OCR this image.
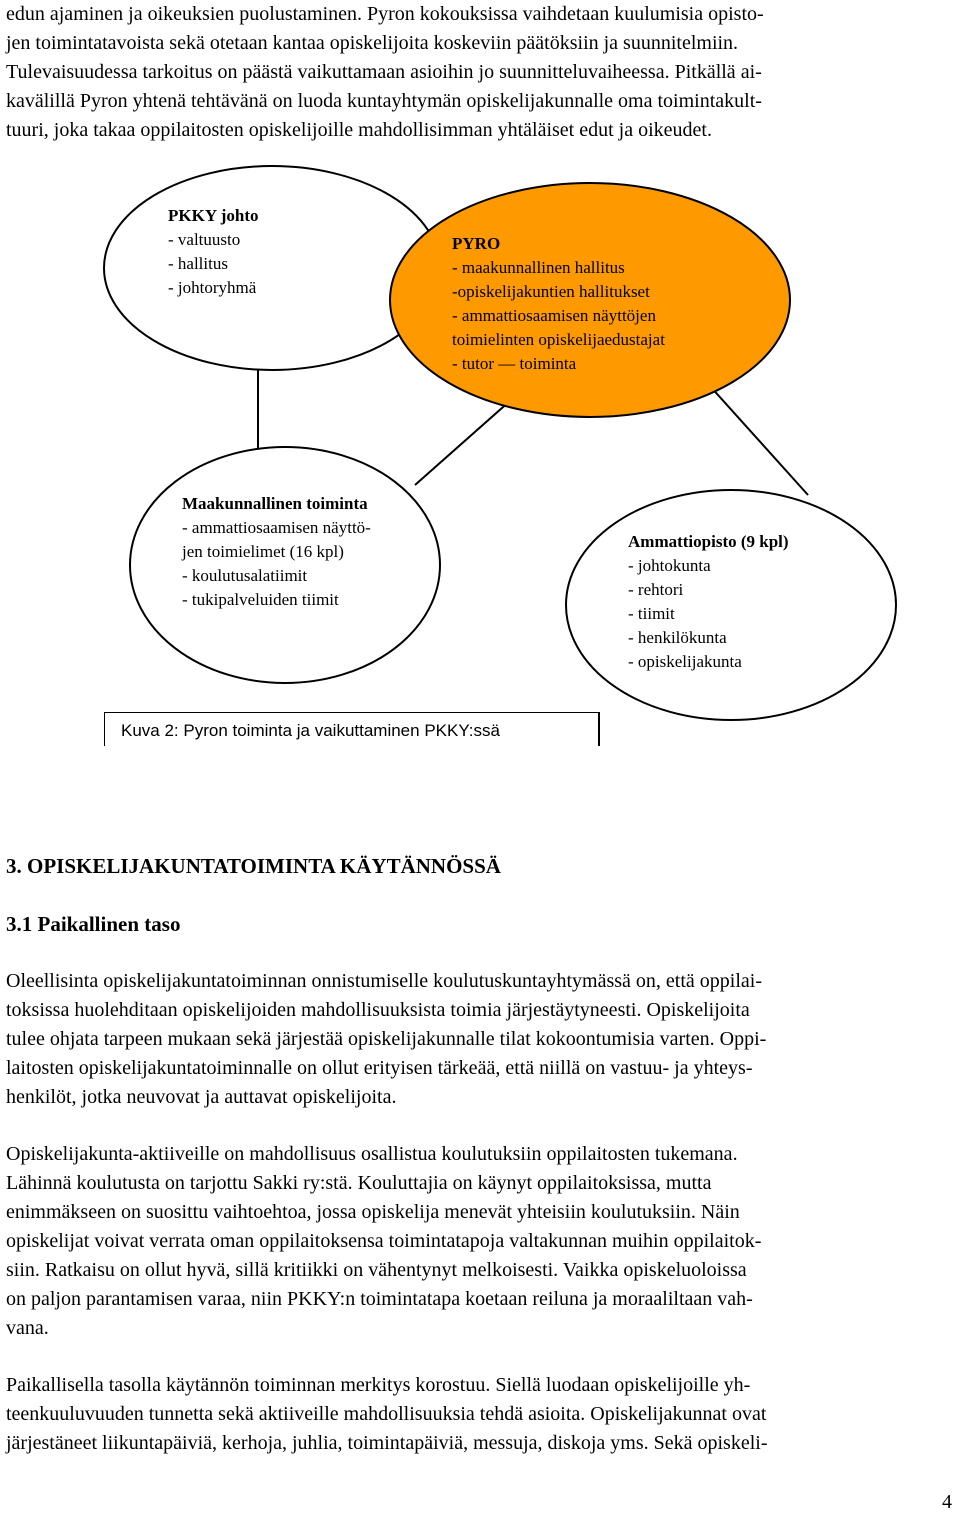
edun ajaminen ja oikeuksien puolustaminen. Pyron kokouksissa vaihdetaan kuulumisia opisto-

jen toimintatavoista sekä otetaan kantaa opiskelijoita koskeviin päätöksiin ja suunnitelmiin.

Tulevaisuudessa tarkoitus on päästä vaikuttamaan asioihin jo suunnitteluvaiheessa. Pitkällä ai-

kavälillä Pyron yhtenä tehtävänä on luoda kuntayhtymän opiskelijakunnalle oma toimintakult-

tuuri, joka takaa oppilaitosten opiskelijoille mahdollisimman yhtäläiset edut ja oikeudet.

PKKY johto
- valtuusto
- hallitus
- johtoryhmä
PYRO
- maakunnallinen hallitus
-opiskelijakuntien hallitukset
- ammattiosaamisen näyttöjen
toimielinten opiskelijaedustajat
- tutor — toiminta
Maakunnallinen toiminta
- ammattiosaamisen näyttö-
jen toimielimet (16 kpl)
- koulutusalatiimit
- tukipalveluiden tiimit
Ammattiopisto (9 kpl)
- johtokunta
- rehtori
- tiimit
- henkilökunta
- opiskelijakunta

Kuva 2: Pyron toiminta ja vaikuttaminen PKKY:ssä

3. OPISKELIJAKUNTATOIMINTA KÄYTÄNNÖSSÄ

3.1 Paikallinen taso

Oleellisinta opiskelijakuntatoiminnan onnistumiselle koulutuskuntayhtymässä on, että oppilai-

toksissa huolehditaan opiskelijoiden mahdollisuuksista toimia järjestäytyneesti. Opiskelijoita

tulee ohjata tarpeen mukaan sekä järjestää opiskelijakunnalle tilat kokoontumisia varten. Oppi-

laitosten opiskelijakuntatoiminnalle on ollut erityisen tärkeää, että niillä on vastuu- ja yhteys-

henkilöt, jotka neuvovat ja auttavat opiskelijoita.

Opiskelijakunta-aktiiveille on mahdollisuus osallistua koulutuksiin oppilaitosten tukemana.

Lähinnä koulutusta on tarjottu Sakki ry:stä. Kouluttajia on käynyt oppilaitoksissa, mutta

enimmäkseen on suosittu vaihtoehtoa, jossa opiskelija menevät yhteisiin koulutuksiin. Näin

opiskelijat voivat verrata oman oppilaitoksensa toimintatapoja valtakunnan muihin oppilaitok-

siin. Ratkaisu on ollut hyvä, sillä kritiikki on vähentynyt melkoisesti. Vaikka opiskeluoloissa

on paljon parantamisen varaa, niin PKKY:n toimintatapa koetaan reiluna ja moraaliltaan vah-

vana.

Paikallisella tasolla käytännön toiminnan merkitys korostuu. Siellä luodaan opiskelijoille yh-

teenkuuluvuuden tunnetta sekä aktiiveille mahdollisuuksia tehdä asioita. Opiskelijakunnat ovat

järjestäneet liikuntapäiviä, kerhoja, juhlia, toimintapäiviä, messuja, diskoja yms. Sekä opiskeli-

4
